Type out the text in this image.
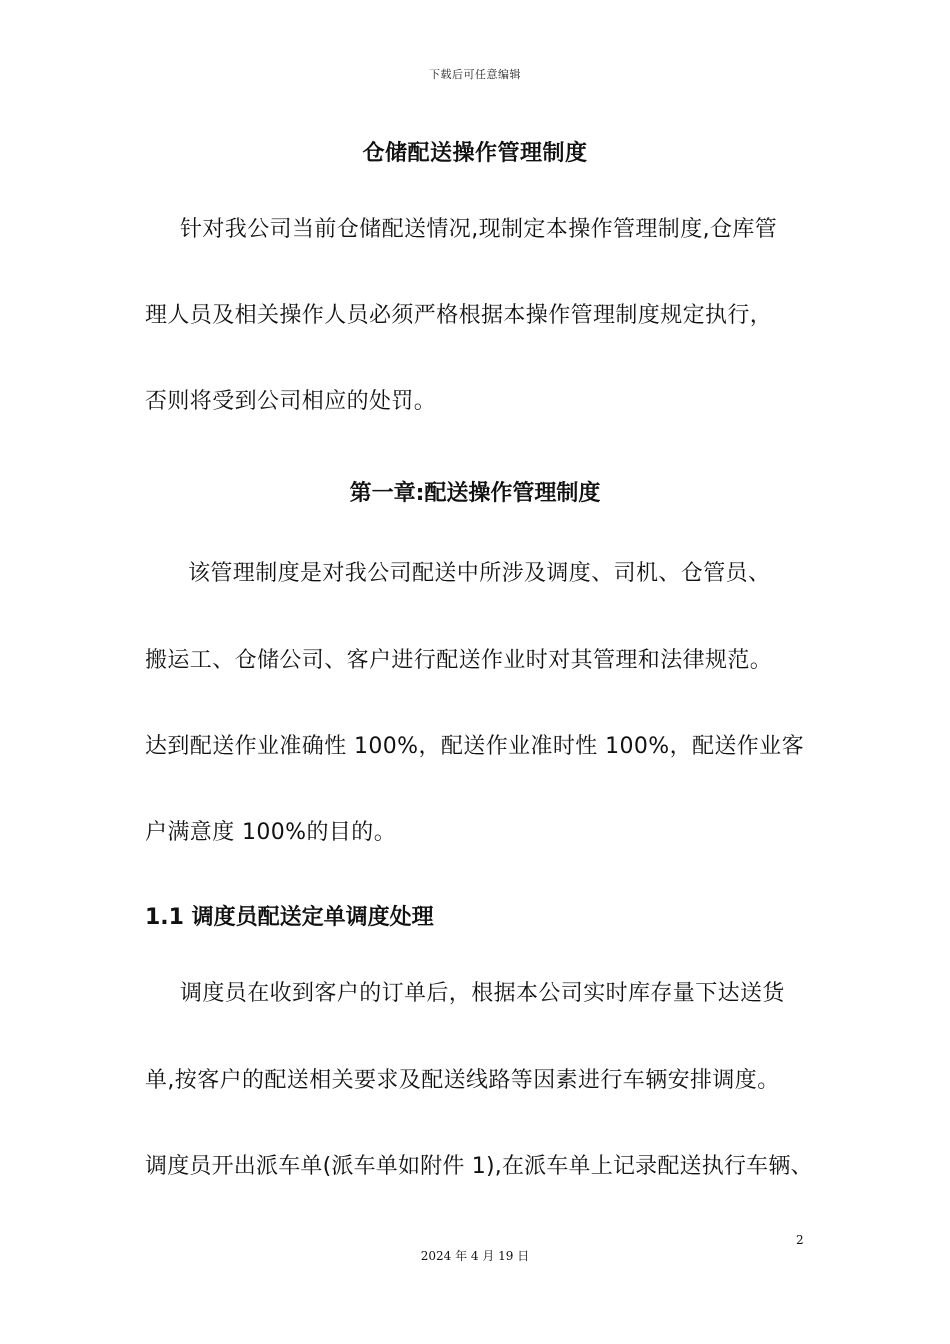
下载后可任意编辑
仓储配送操作管理制度
针对我公司当前仓储配送情况,现制定本操作管理制度,仓库管
理人员及相关操作人员必须严格根据本操作管理制度规定执行，
否则将受到公司相应的处罚。
第一章:配送操作管理制度
该管理制度是对我公司配送中所涉及调度、司机、仓管员、
搬运工、仓储公司、客户进行配送作业时对其管理和法律规范。
达到配送作业准确性 100%，配送作业准时性 100%，配送作业客
户满意度 100%的目的。
1.1 调度员配送定单调度处理
调度员在收到客户的订单后，根据本公司实时库存量下达送货
单,按客户的配送相关要求及配送线路等因素进行车辆安排调度。
调度员开出派车单(派车单如附件 1),在派车单上记录配送执行车辆、
2
2024 年 4 月 19 日
